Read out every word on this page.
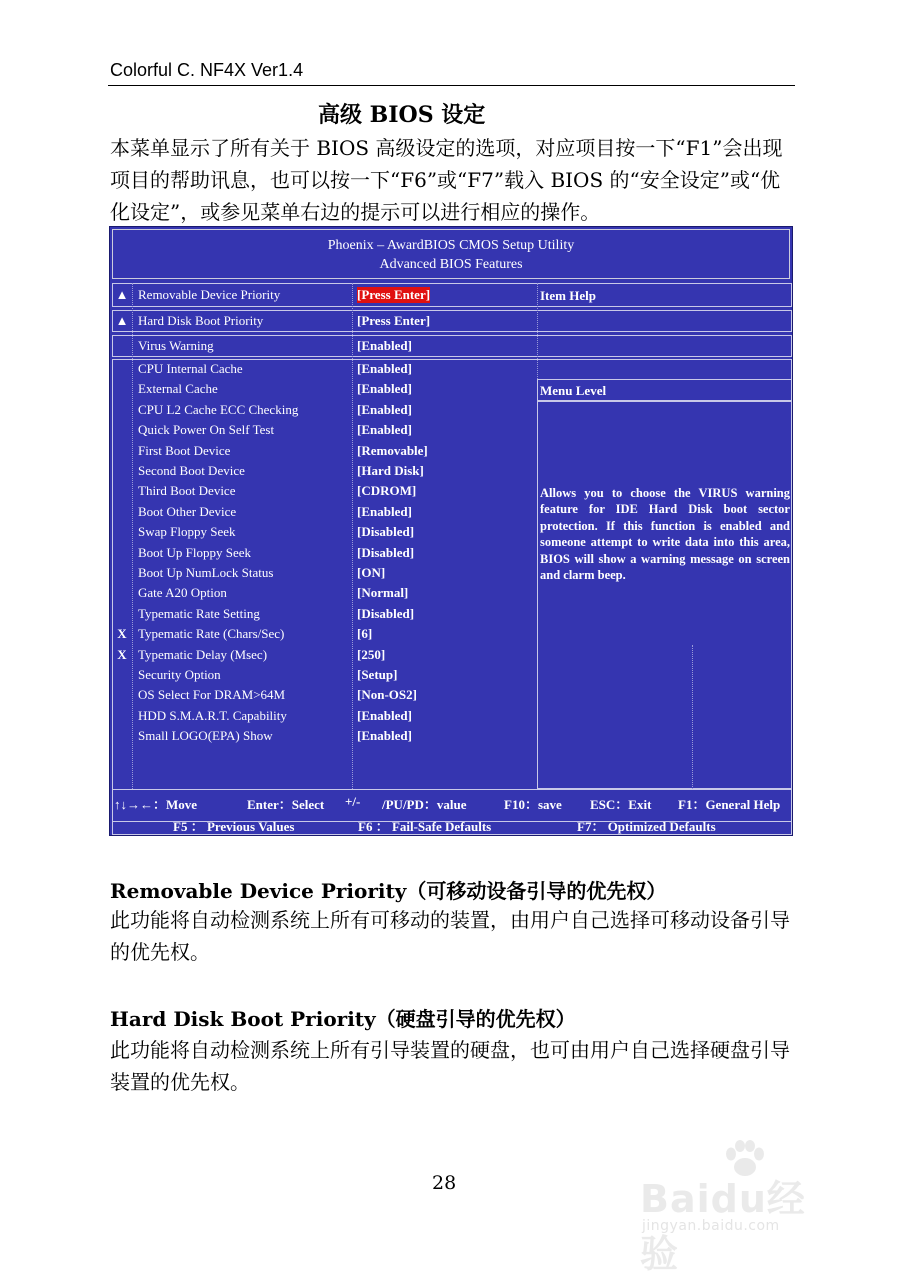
Colorful C. NF4X Ver1.4
高级 BIOS 设定
本菜单显示了所有关于 BIOS 高级设定的选项，对应项目按一下“F1”会出现项目的帮助讯息，也可以按一下“F6”或“F7”载入 BIOS 的“安全设定”或“优化设定”，或参见菜单右边的提示可以进行相应的操作。
Phoenix – AwardBIOS CMOS Setup Utility
Advanced BIOS Features
Item Help
Menu Level
Allows you to choose the VIRUS warning feature for IDE Hard Disk boot sector protection. If this function is enabled and someone attempt to write data into this area, BIOS will show a warning message on screen and clarm beep.
▲ Removable Device Priority	[Press Enter]
▲ Hard Disk Boot Priority	[Press Enter]
Virus Warning	[Enabled]
CPU Internal Cache	[Enabled]
External Cache	[Enabled]
CPU L2 Cache ECC Checking	[Enabled]
Quick Power On Self Test	[Enabled]
First Boot Device	[Removable]
Second Boot Device	[Hard Disk]
Third Boot Device	[CDROM]
Boot Other Device	[Enabled]
Swap Floppy Seek	[Disabled]
Boot Up Floppy Seek	[Disabled]
Boot Up NumLock Status	[ON]
Gate A20 Option	[Normal]
Typematic Rate Setting	[Disabled]
X Typematic Rate (Chars/Sec)	[6]
X Typematic Delay (Msec)	[250]
Security Option	[Setup]
OS Select For DRAM>64M	[Non-OS2]
HDD S.M.A.R.T. Capability	[Enabled]
Small LOGO(EPA) Show	[Enabled]
↑↓→←：Move	Enter：Select +/- /PU/PD：value	F10：save ESC：Exit F1：General Help
F5 ： Previous Values	F6 ： Fail-Safe Defaults	F7： Optimized Defaults
Removable Device Priority（可移动设备引导的优先权）
此功能将自动检测系统上所有可移动的装置，由用户自己选择可移动设备引导的优先权。
Hard Disk Boot Priority（硬盘引导的优先权）
此功能将自动检测系统上所有引导装置的硬盘，也可由用户自己选择硬盘引导装置的优先权。
28	Baidu经验
jingyan.baidu.com
